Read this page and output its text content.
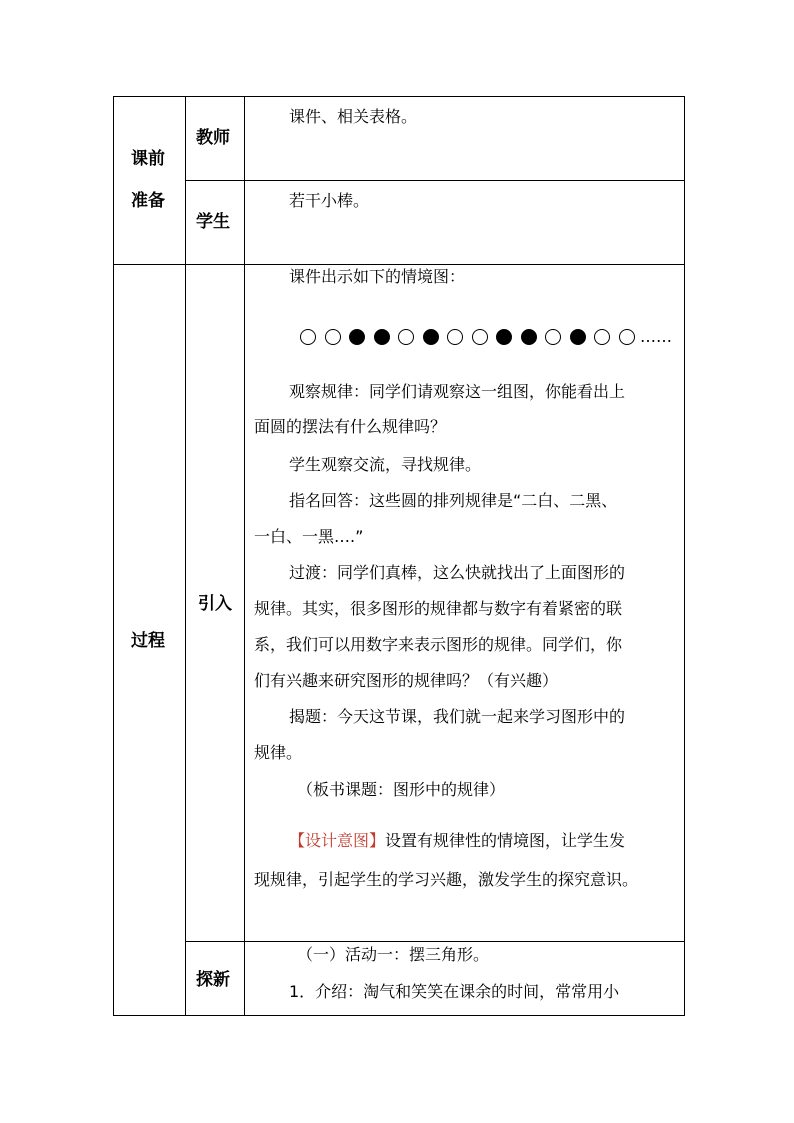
课前
准备
教师
课件、相关表格。
学生
若干小棒。
过程
引入
课件出示如下的情境图：
……
观察规律：同学们请观察这一组图，你能看出上
面圆的摆法有什么规律吗？
学生观察交流，寻找规律。
指名回答：这些圆的排列规律是“二白、二黑、
一白、一黑….”
过渡：同学们真棒，这么快就找出了上面图形的
规律。其实，很多图形的规律都与数字有着紧密的联
系，我们可以用数字来表示图形的规律。同学们，你
们有兴趣来研究图形的规律吗？（有兴趣）
揭题：今天这节课，我们就一起来学习图形中的
规律。
（板书课题：图形中的规律）
【设计意图】设置有规律性的情境图，让学生发
现规律，引起学生的学习兴趣，激发学生的探究意识。
探新
（一）活动一：摆三角形。
1．介绍：淘气和笑笑在课余的时间，常常用小
